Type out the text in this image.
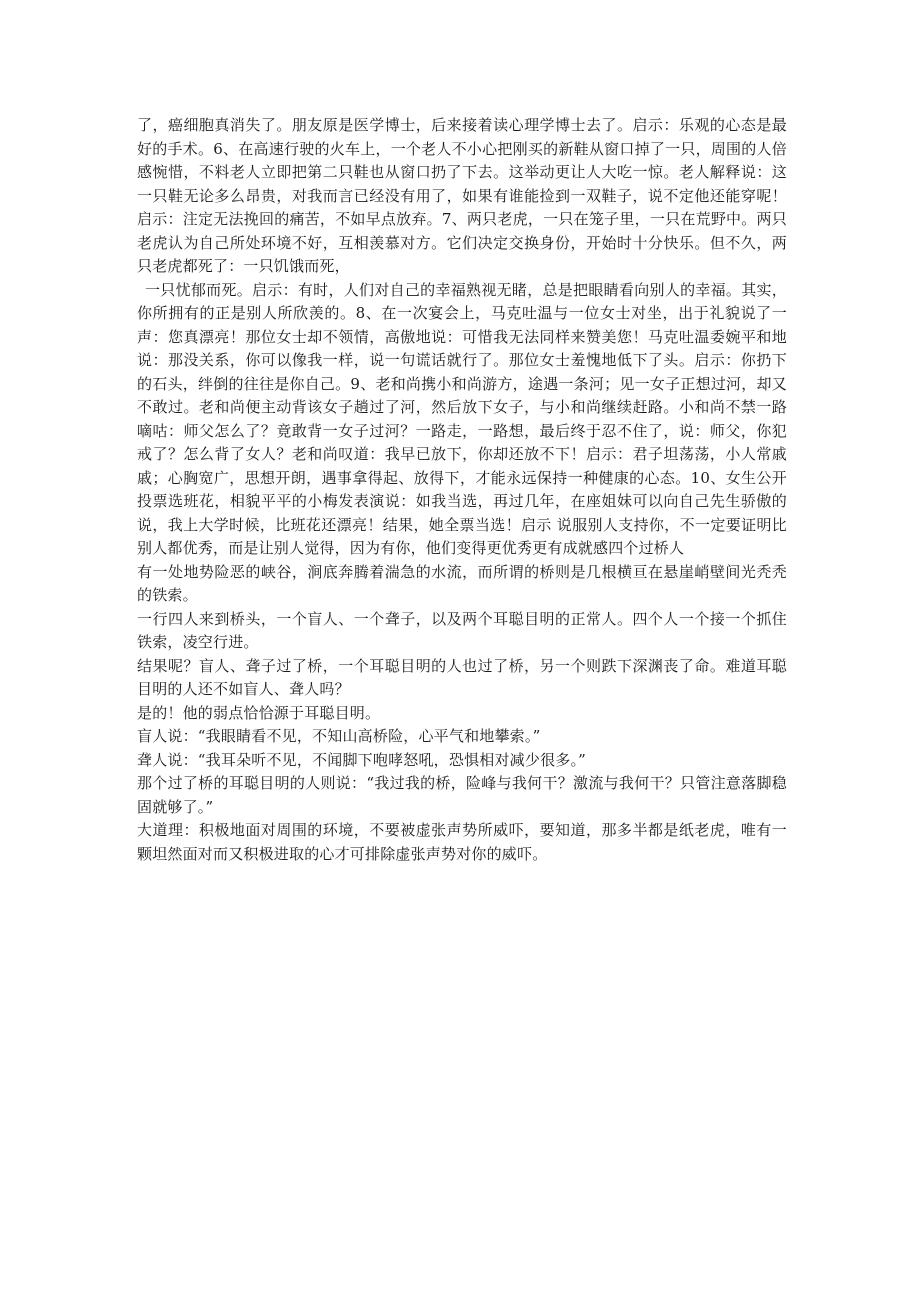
了，癌细胞真消失了。朋友原是医学博士，后来接着读心理学博士去了。启示：乐观的心态是最好的手术。6、在高速行驶的火车上，一个老人不小心把刚买的新鞋从窗口掉了一只，周围的人倍感惋惜，不料老人立即把第二只鞋也从窗口扔了下去。这举动更让人大吃一惊。老人解释说：这一只鞋无论多么昂贵，对我而言已经没有用了，如果有谁能捡到一双鞋子，说不定他还能穿呢！启示：注定无法挽回的痛苦，不如早点放弃。7、两只老虎，一只在笼子里，一只在荒野中。两只老虎认为自己所处环境不好，互相羡慕对方。它们决定交换身份，开始时十分快乐。但不久，两只老虎都死了：一只饥饿而死，

一只忧郁而死。启示：有时，人们对自己的幸福熟视无睹，总是把眼睛看向别人的幸福。其实，你所拥有的正是别人所欣羡的。8、在一次宴会上，马克吐温与一位女士对坐，出于礼貌说了一声：您真漂亮！那位女士却不领情，高傲地说：可惜我无法同样来赞美您！马克吐温委婉平和地说：那没关系，你可以像我一样，说一句谎话就行了。那位女士羞愧地低下了头。启示：你扔下的石头，绊倒的往往是你自己。9、老和尚携小和尚游方，途遇一条河；见一女子正想过河，却又不敢过。老和尚便主动背该女子趟过了河，然后放下女子，与小和尚继续赶路。小和尚不禁一路嘀咕：师父怎么了？竟敢背一女子过河？一路走，一路想，最后终于忍不住了，说：师父，你犯戒了？怎么背了女人？老和尚叹道：我早已放下，你却还放不下！启示：君子坦荡荡，小人常戚戚；心胸宽广，思想开朗，遇事拿得起、放得下，才能永远保持一种健康的心态。10、女生公开投票选班花，相貌平平的小梅发表演说：如我当选，再过几年，在座姐妹可以向自己先生骄傲的说，我上大学时候，比班花还漂亮！结果，她全票当选！启示 说服别人支持你，不一定要证明比别人都优秀，而是让别人觉得，因为有你，他们变得更优秀更有成就感四个过桥人

有一处地势险恶的峡谷，涧底奔腾着湍急的水流，而所谓的桥则是几根横亘在悬崖峭壁间光秃秃的铁索。

一行四人来到桥头，一个盲人、一个聋子，以及两个耳聪目明的正常人。四个人一个接一个抓住铁索，凌空行进。

结果呢？盲人、聋子过了桥，一个耳聪目明的人也过了桥，另一个则跌下深渊丧了命。难道耳聪目明的人还不如盲人、聋人吗？

是的！他的弱点恰恰源于耳聪目明。

盲人说：“我眼睛看不见，不知山高桥险，心平气和地攀索。”

聋人说：“我耳朵听不见，不闻脚下咆哮怒吼，恐惧相对减少很多。”

那个过了桥的耳聪目明的人则说：“我过我的桥，险峰与我何干？激流与我何干？只管注意落脚稳固就够了。”

大道理：积极地面对周围的环境，不要被虚张声势所威吓，要知道，那多半都是纸老虎，唯有一颗坦然面对而又积极进取的心才可排除虚张声势对你的威吓。
